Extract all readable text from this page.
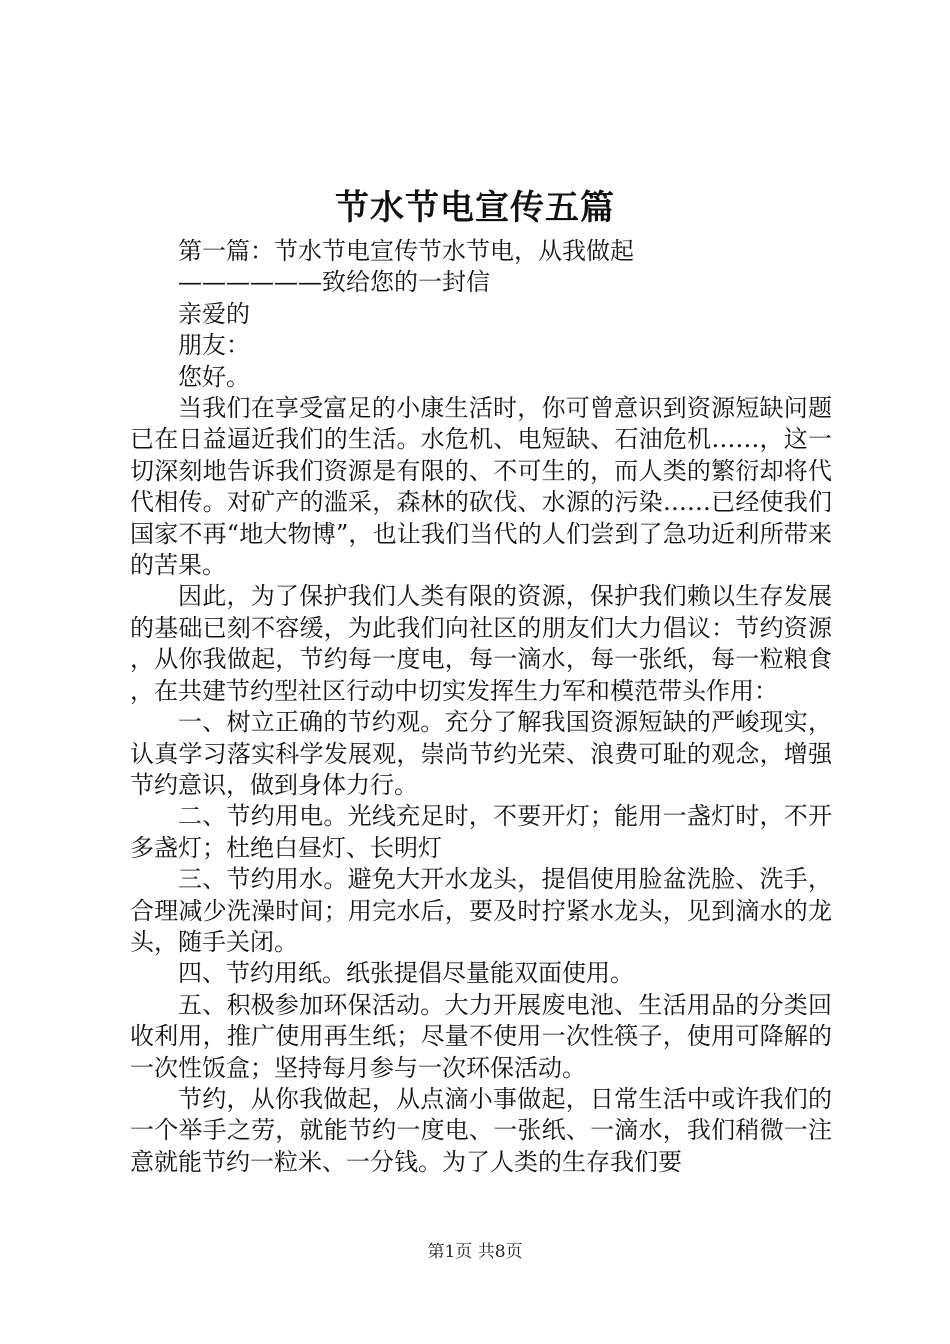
节水节电宣传五篇

第一篇：节水节电宣传节水节电，从我做起

——————致给您的一封信

亲爱的

朋友：

您好。

当我们在享受富足的小康生活时，你可曾意识到资源短缺问题已在日益逼近我们的生活。水危机、电短缺、石油危机……，这一切深刻地告诉我们资源是有限的、不可生的，而人类的繁衍却将代代相传。对矿产的滥采，森林的砍伐、水源的污染……已经使我们国家不再“地大物博”，也让我们当代的人们尝到了急功近利所带来的苦果。

因此，为了保护我们人类有限的资源，保护我们赖以生存发展的基础已刻不容缓，为此我们向社区的朋友们大力倡议：节约资源，从你我做起，节约每一度电，每一滴水，每一张纸，每一粒粮食，在共建节约型社区行动中切实发挥生力军和模范带头作用：

一、树立正确的节约观。充分了解我国资源短缺的严峻现实，认真学习落实科学发展观，崇尚节约光荣、浪费可耻的观念，增强节约意识，做到身体力行。

二、节约用电。光线充足时，不要开灯；能用一盏灯时，不开多盏灯；杜绝白昼灯、长明灯

三、节约用水。避免大开水龙头，提倡使用脸盆洗脸、洗手，合理减少洗澡时间；用完水后，要及时拧紧水龙头，见到滴水的龙头，随手关闭。

四、节约用纸。纸张提倡尽量能双面使用。

五、积极参加环保活动。大力开展废电池、生活用品的分类回收利用，推广使用再生纸；尽量不使用一次性筷子，使用可降解的一次性饭盒；坚持每月参与一次环保活动。

节约，从你我做起，从点滴小事做起，日常生活中或许我们的一个举手之劳，就能节约一度电、一张纸、一滴水，我们稍微一注意就能节约一粒米、一分钱。为了人类的生存我们要

第1页 共8页
